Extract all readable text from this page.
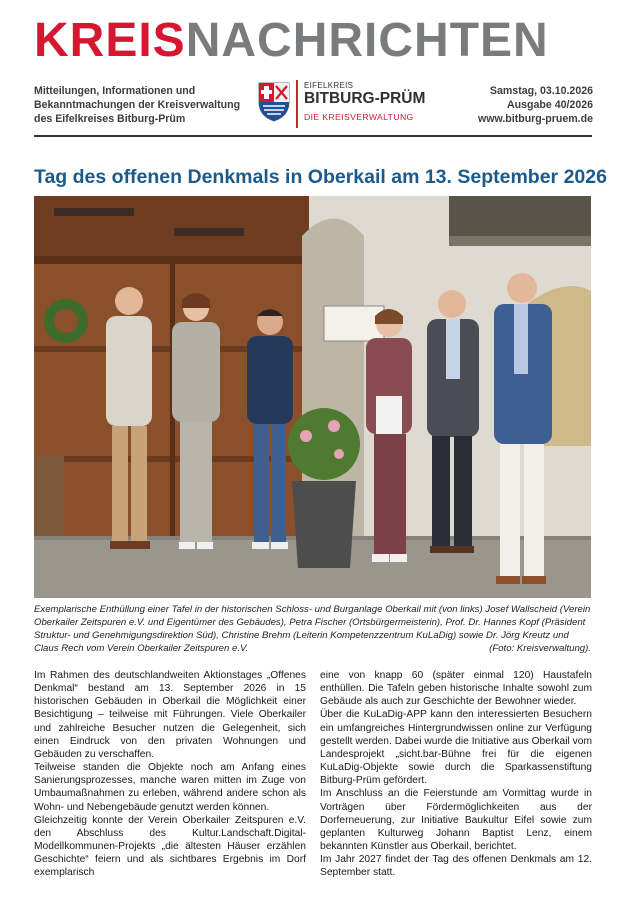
KREISNACHRICHTEN
Mitteilungen, Informationen und
Bekanntmachungen der Kreisverwaltung
des Eifelkreises Bitburg-Prüm
EIFELKREIS
BITBURG-PRÜM
DIE KREISVERWALTUNG
Samstag, 03.10.2026
Ausgabe 40/2026
www.bitburg-pruem.de
Tag des offenen Denkmals in Oberkail am 13. September 2026
Exemplarische Enthüllung einer Tafel in der historischen Schloss- und Burganlage Oberkail mit (von links) Josef Wallscheid (Verein Oberkailer Zeitspuren e.V. und Eigentümer des Gebäudes), Petra Fischer (Ortsbürgermeisterin), Prof. Dr. Hannes Kopf (Präsident Struktur- und Genehmigungsdirektion Süd), Christine Brehm (Leiterin Kompetenzzentrum KuLaDig) sowie Dr. Jörg Kreutz und Claus Rech vom Verein Oberkailer Zeitspuren e.V.	(Foto: Kreisverwaltung).

Im Rahmen des deutschlandweiten Aktionstages „Offenes Denkmal“ bestand am 13. September 2026 in 15 historischen Gebäuden in Oberkail die Möglichkeit einer Besichtigung – teilweise mit Führungen. Viele Oberkailer und zahlreiche Besucher nutzen die Gelegenheit, sich einen Eindruck von den privaten Wohnungen und Gebäuden zu verschaffen.

Teilweise standen die Objekte noch am Anfang eines Sanierungsprozesses, manche waren mitten im Zuge von Umbaumaßnahmen zu erleben, während andere schon als Wohn- und Nebengebäude genutzt werden können.

Gleichzeitig konnte der Verein Oberkailer Zeitspuren e.V. den Abschluss des Kultur.Landschaft.Digital-Modellkommunen-Projekts „die ältesten Häuser erzählen Geschichte“ feiern und als sichtbares Ergebnis im Dorf exemplarisch

eine von knapp 60 (später einmal 120) Haustafeln enthüllen. Die Tafeln geben historische Inhalte sowohl zum Gebäude als auch zur Geschichte der Bewohner wieder.

Über die KuLaDig-APP kann den interessierten Besuchern ein umfangreiches Hintergrundwissen online zur Verfügung gestellt werden. Dabei wurde die Initiative aus Oberkail vom Landesprojekt „sicht.bar-Bühne frei für die eigenen KuLaDig-Objekte sowie durch die Sparkassenstiftung Bitburg-Prüm gefördert.

Im Anschluss an die Feierstunde am Vormittag wurde in Vorträgen über Fördermöglichkeiten aus der Dorferneuerung, zur Initiative Baukultur Eifel sowie zum geplanten Kulturweg Johann Baptist Lenz, einem bekannten Künstler aus Oberkail, berichtet.

Im Jahr 2027 findet der Tag des offenen Denkmals am 12. September statt.
